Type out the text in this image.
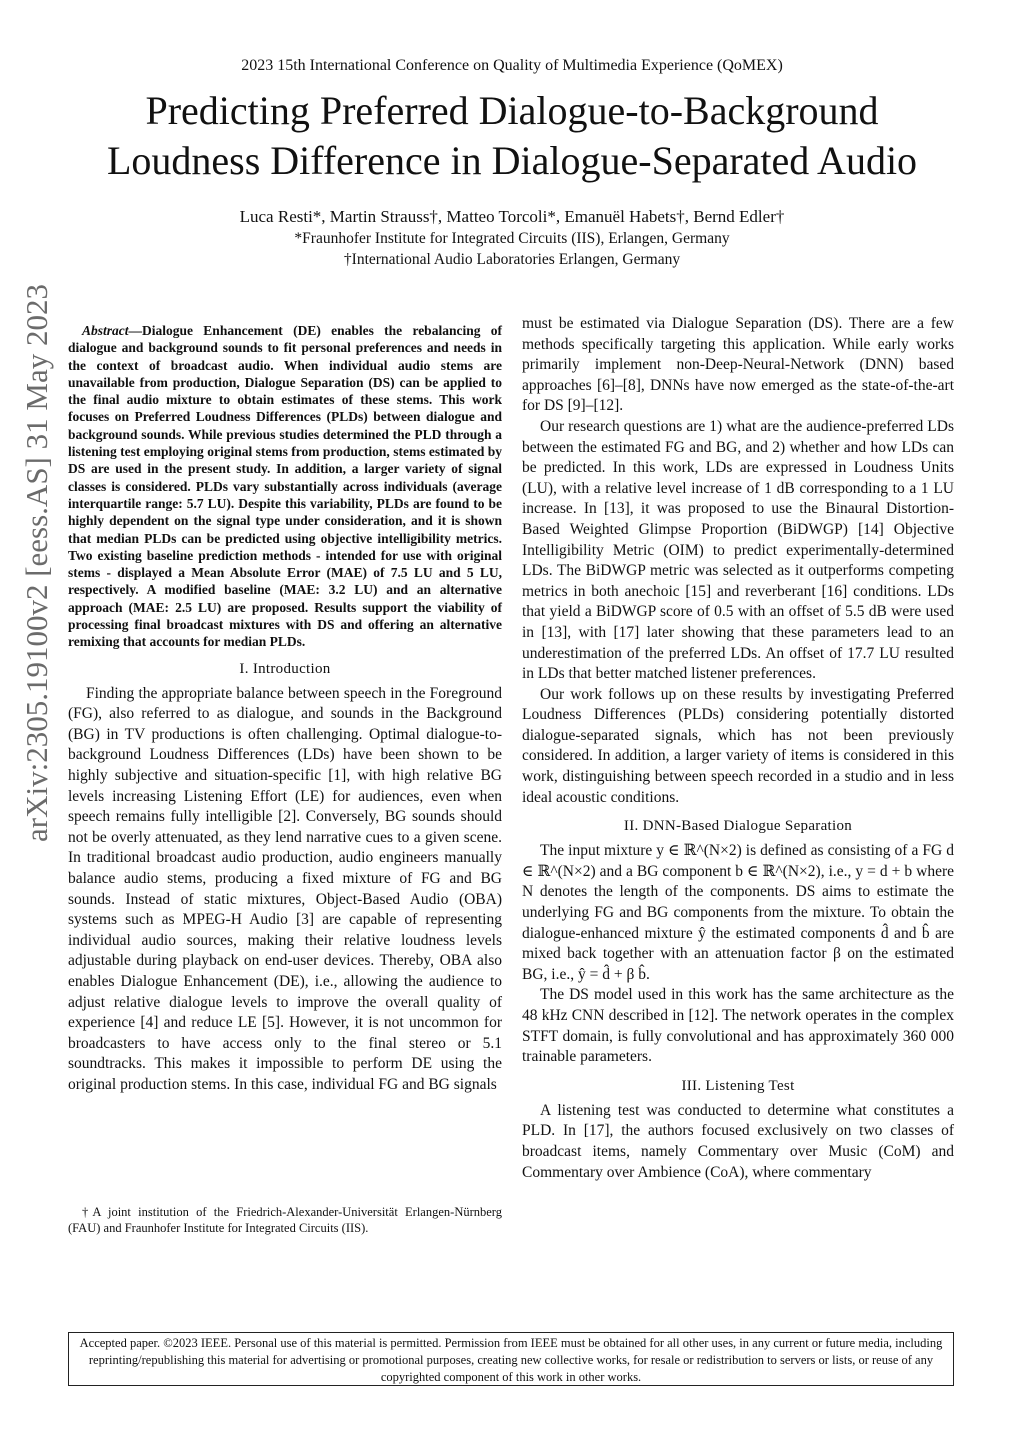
2023 15th International Conference on Quality of Multimedia Experience (QoMEX)
Predicting Preferred Dialogue-to-Background
Loudness Difference in Dialogue-Separated Audio
Luca Resti*, Martin Strauss†, Matteo Torcoli*, Emanuël Habets†, Bernd Edler†
*Fraunhofer Institute for Integrated Circuits (IIS), Erlangen, Germany
†International Audio Laboratories Erlangen, Germany
arXiv:2305.19100v2 [eess.AS] 31 May 2023	Abstract—Dialogue Enhancement (DE) enables the rebalancing of dialogue and background sounds to fit personal preferences and needs in the context of broadcast audio. When individual audio stems are unavailable from production, Dialogue Separation (DS) can be applied to the final audio mixture to obtain estimates of these stems. This work focuses on Preferred Loudness Differences (PLDs) between dialogue and background sounds. While previous studies determined the PLD through a listening test employing original stems from production, stems estimated by DS are used in the present study. In addition, a larger variety of signal classes is considered. PLDs vary substantially across individuals (average interquartile range: 5.7 LU). Despite this variability, PLDs are found to be highly dependent on the signal type under consideration, and it is shown that median PLDs can be predicted using objective intelligibility metrics. Two existing baseline prediction methods - intended for use with original stems - displayed a Mean Absolute Error (MAE) of 7.5 LU and 5 LU, respectively. A modified baseline (MAE: 3.2 LU) and an alternative approach (MAE: 2.5 LU) are proposed. Results support the viability of processing final broadcast mixtures with DS and offering an alternative remixing that accounts for median PLDs.

I. Introduction

Finding the appropriate balance between speech in the Foreground (FG), also referred to as dialogue, and sounds in the Background (BG) in TV productions is often challenging. Optimal dialogue-to-background Loudness Differences (LDs) have been shown to be highly subjective and situation-specific [1], with high relative BG levels increasing Listening Effort (LE) for audiences, even when speech remains fully intelligible [2]. Conversely, BG sounds should not be overly attenuated, as they lend narrative cues to a given scene. In traditional broadcast audio production, audio engineers manually balance audio stems, producing a fixed mixture of FG and BG sounds. Instead of static mixtures, Object-Based Audio (OBA) systems such as MPEG-H Audio [3] are capable of representing individual audio sources, making their relative loudness levels adjustable during playback on end-user devices. Thereby, OBA also enables Dialogue Enhancement (DE), i.e., allowing the audience to adjust relative dialogue levels to improve the overall quality of experience [4] and reduce LE [5]. However, it is not uncommon for broadcasters to have access only to the final stereo or 5.1 soundtracks. This makes it impossible to perform DE using the original production stems. In this case, individual FG and BG signals

†A joint institution of the Friedrich-Alexander-Universität Erlangen-Nürnberg (FAU) and Fraunhofer Institute for Integrated Circuits (IIS).

must be estimated via Dialogue Separation (DS). There are a few methods specifically targeting this application. While early works primarily implement non-Deep-Neural-Network (DNN) based approaches [6]–[8], DNNs have now emerged as the state-of-the-art for DS [9]–[12].

Our research questions are 1) what are the audience-preferred LDs between the estimated FG and BG, and 2) whether and how LDs can be predicted. In this work, LDs are expressed in Loudness Units (LU), with a relative level increase of 1 dB corresponding to a 1 LU increase. In [13], it was proposed to use the Binaural Distortion-Based Weighted Glimpse Proportion (BiDWGP) [14] Objective Intelligibility Metric (OIM) to predict experimentally-determined LDs. The BiDWGP metric was selected as it outperforms competing metrics in both anechoic [15] and reverberant [16] conditions. LDs that yield a BiDWGP score of 0.5 with an offset of 5.5 dB were used in [13], with [17] later showing that these parameters lead to an underestimation of the preferred LDs. An offset of 17.7 LU resulted in LDs that better matched listener preferences.

Our work follows up on these results by investigating Preferred Loudness Differences (PLDs) considering potentially distorted dialogue-separated signals, which has not been previously considered. In addition, a larger variety of items is considered in this work, distinguishing between speech recorded in a studio and in less ideal acoustic conditions.

II. DNN-Based Dialogue Separation

The input mixture y ∈ ℝ^(N×2) is defined as consisting of a FG d ∈ ℝ^(N×2) and a BG component b ∈ ℝ^(N×2), i.e., y = d + b where N denotes the length of the components. DS aims to estimate the underlying FG and BG components from the mixture. To obtain the dialogue-enhanced mixture ŷ the estimated components d̂ and b̂ are mixed back together with an attenuation factor β on the estimated BG, i.e., ŷ = d̂ + β b̂.

The DS model used in this work has the same architecture as the 48 kHz CNN described in [12]. The network operates in the complex STFT domain, is fully convolutional and has approximately 360 000 trainable parameters.

III. Listening Test

A listening test was conducted to determine what constitutes a PLD. In [17], the authors focused exclusively on two classes of broadcast items, namely Commentary over Music (CoM) and Commentary over Ambience (CoA), where commentary

Accepted paper. ©2023 IEEE. Personal use of this material is permitted. Permission from IEEE must be obtained for all other uses, in any current or future media, including reprinting/republishing this material for advertising or promotional purposes, creating new collective works, for resale or redistribution to servers or lists, or reuse of any copyrighted component of this work in other works.
